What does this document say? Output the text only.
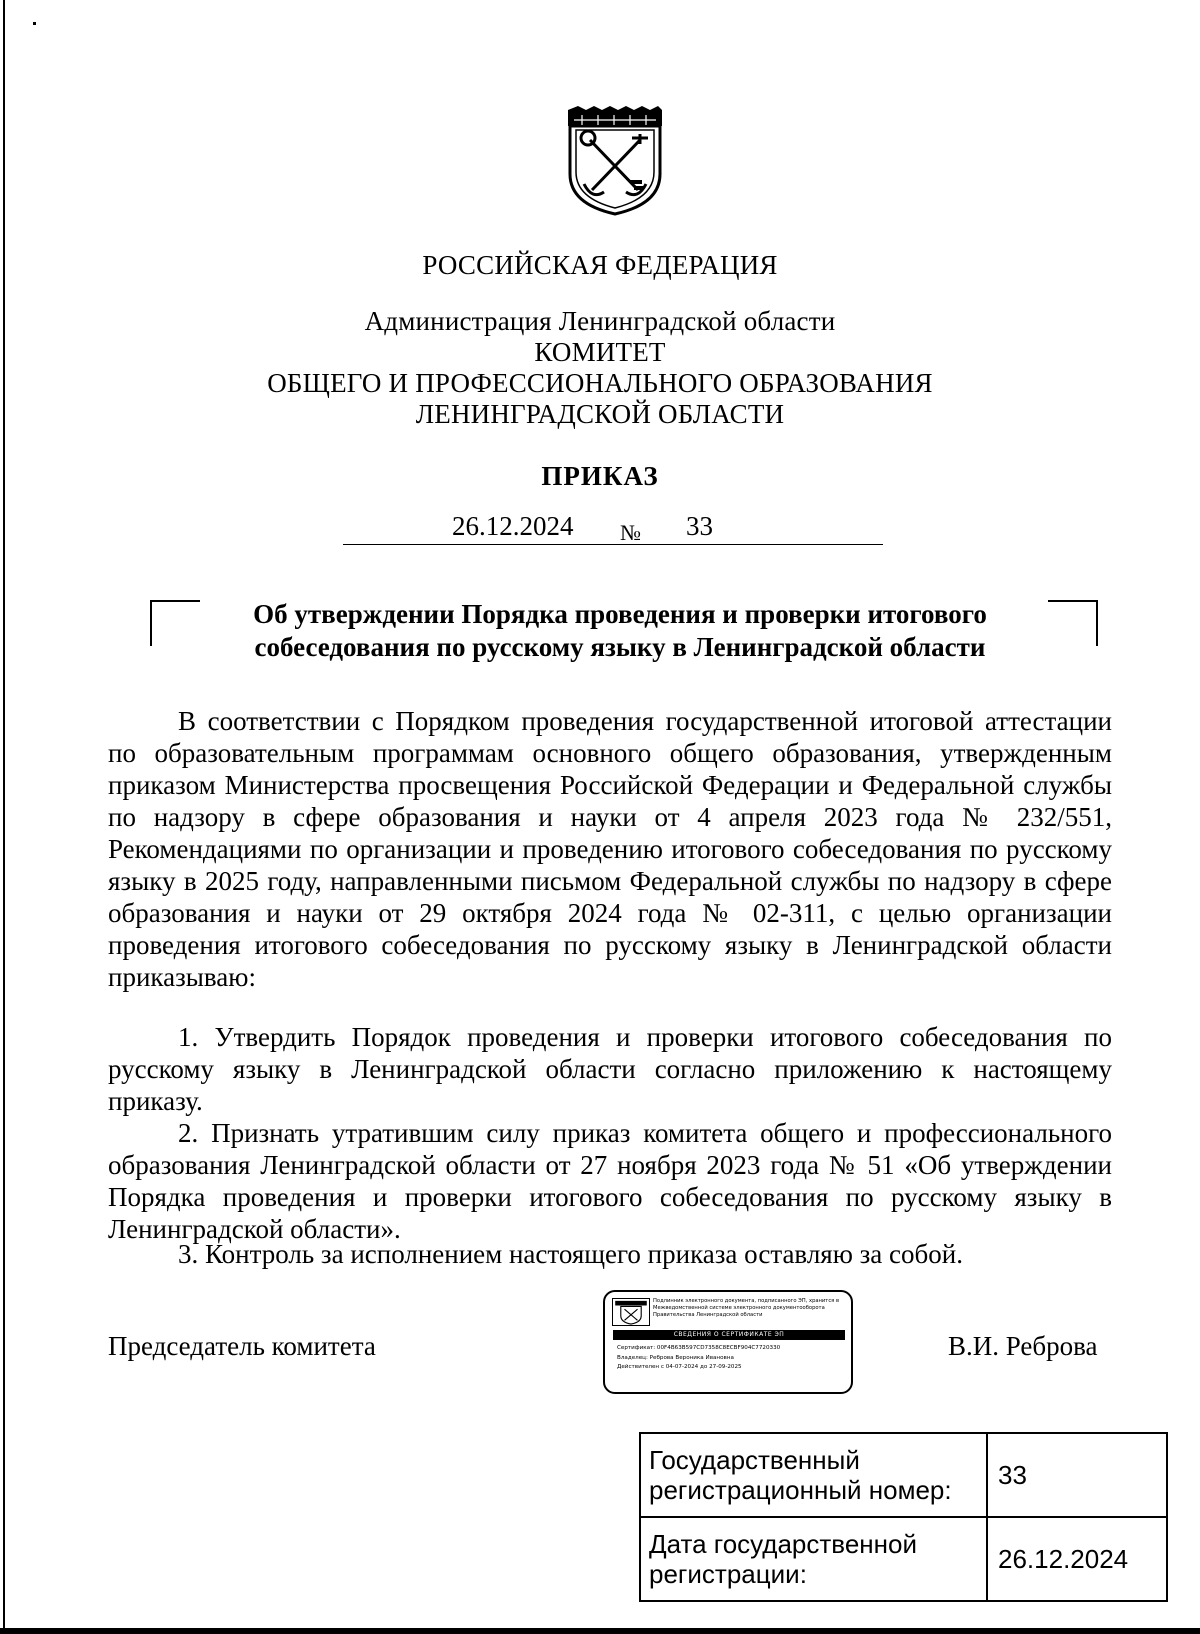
РОССИЙСКАЯ ФЕДЕРАЦИЯ
Администрация Ленинградской области
КОМИТЕТ
ОБЩЕГО И ПРОФЕССИОНАЛЬНОГО ОБРАЗОВАНИЯ
ЛЕНИНГРАДСКОЙ ОБЛАСТИ
ПРИКАЗ
26.12.2024 № 33
Об утверждении Порядка проведения и проверки итогового
собеседования по русскому языку в Ленинградской области

В соответствии с Порядком проведения государственной итоговой аттестации по образовательным программам основного общего образования, утвержденным приказом Министерства просвещения Российской Федерации и Федеральной службы по надзору в сфере образования и науки от 4 апреля 2023 года № 232/551, Рекомендациями по организации и проведению итогового собеседования по русскому языку в 2025 году, направленными письмом Федеральной службы по надзору в сфере образования и науки от 29 октября 2024 года № 02-311, с целью организации проведения итогового собеседования по русскому языку в Ленинградской области приказываю:

1. Утвердить Порядок проведения и проверки итогового собеседования по русскому языку в Ленинградской области согласно приложению к настоящему приказу.

2. Признать утратившим силу приказ комитета общего и профессионального образования Ленинградской области от 27 ноября 2023 года № 51 «Об утверждении Порядка проведения и проверки итогового собеседования по русскому языку в Ленинградской области».

3. Контроль за исполнением настоящего приказа оставляю за собой.

Председатель комитета	В.И. Реброва
Подлинник электронного документа, подписанного ЭП, хранится в Межведомственной системе электронного документооборота Правительства Ленинградской области
СВЕДЕНИЯ О СЕРТИФИКАТЕ ЭП
Сертификат: 00F4B63B597CD7358C8ECBF904C7720330
Владелец: Реброва Вероника Ивановна
Действителен с 04-07-2024 до 27-09-2025
Государственный
регистрационный номер:	33

Дата государственной
регистрации:	26.12.2024
